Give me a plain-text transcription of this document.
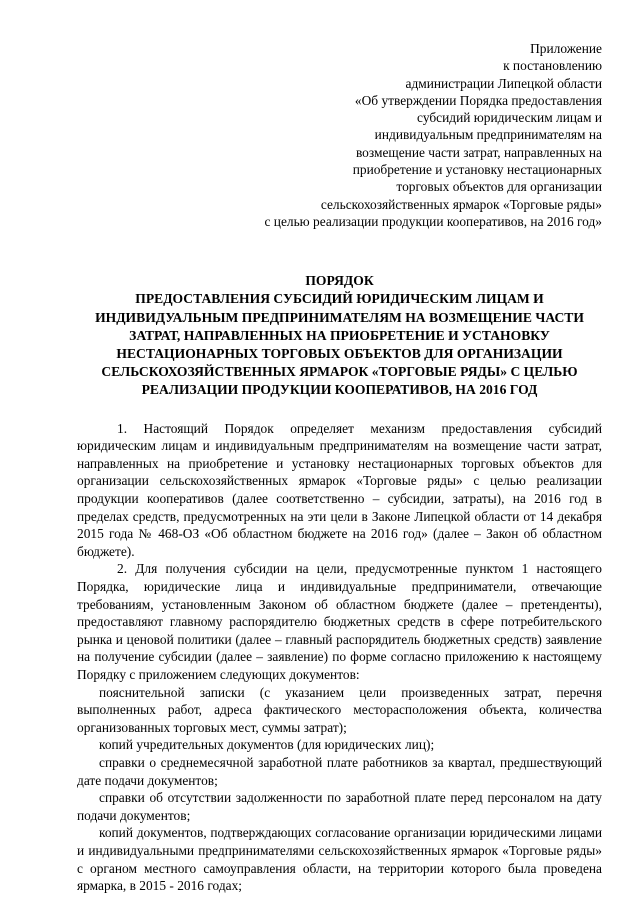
Приложение
к постановлению
администрации Липецкой области
«Об утверждении Порядка предоставления
субсидий юридическим лицам и
индивидуальным предпринимателям на
возмещение части затрат, направленных на
приобретение и установку нестационарных
торговых объектов для организации
сельскохозяйственных ярмарок «Торговые ряды»
с целью реализации продукции кооперативов, на 2016 год»
ПОРЯДОК
ПРЕДОСТАВЛЕНИЯ СУБСИДИЙ ЮРИДИЧЕСКИМ ЛИЦАМ И
ИНДИВИДУАЛЬНЫМ ПРЕДПРИНИМАТЕЛЯМ НА ВОЗМЕЩЕНИЕ ЧАСТИ
ЗАТРАТ, НАПРАВЛЕННЫХ НА ПРИОБРЕТЕНИЕ И УСТАНОВКУ
НЕСТАЦИОНАРНЫХ ТОРГОВЫХ ОБЪЕКТОВ ДЛЯ ОРГАНИЗАЦИИ
СЕЛЬСКОХОЗЯЙСТВЕННЫХ ЯРМАРОК «ТОРГОВЫЕ РЯДЫ» С ЦЕЛЬЮ
РЕАЛИЗАЦИИ ПРОДУКЦИИ КООПЕРАТИВОВ, НА 2016 ГОД

1. Настоящий Порядок определяет механизм предоставления субсидий юридическим лицам и индивидуальным предпринимателям на возмещение части затрат, направленных на приобретение и установку нестационарных торговых объектов для организации сельскохозяйственных ярмарок «Торговые ряды» с целью реализации продукции кооперативов (далее соответственно – субсидии, затраты), на 2016 год в пределах средств, предусмотренных на эти цели в Законе Липецкой области от 14 декабря 2015 года № 468-ОЗ «Об областном бюджете на 2016 год» (далее – Закон об областном бюджете).

2. Для получения субсидии на цели, предусмотренные пунктом 1 настоящего Порядка, юридические лица и индивидуальные предприниматели, отвечающие требованиям, установленным Законом об областном бюджете (далее – претенденты), предоставляют главному распорядителю бюджетных средств в сфере потребительского рынка и ценовой политики (далее – главный распорядитель бюджетных средств) заявление на получение субсидии (далее – заявление) по форме согласно приложению к настоящему Порядку с приложением следующих документов:

пояснительной записки (с указанием цели произведенных затрат, перечня выполненных работ, адреса фактического месторасположения объекта, количества организованных торговых мест, суммы затрат);

копий учредительных документов (для юридических лиц);

справки о среднемесячной заработной плате работников за квартал, предшествующий дате подачи документов;

справки об отсутствии задолженности по заработной плате перед персоналом на дату подачи документов;

копий документов, подтверждающих согласование организации юридическими лицами и индивидуальными предпринимателями сельскохозяйственных ярмарок «Торговые ряды» с органом местного самоуправления области, на территории которого была проведена ярмарка, в 2015 - 2016 годах;
